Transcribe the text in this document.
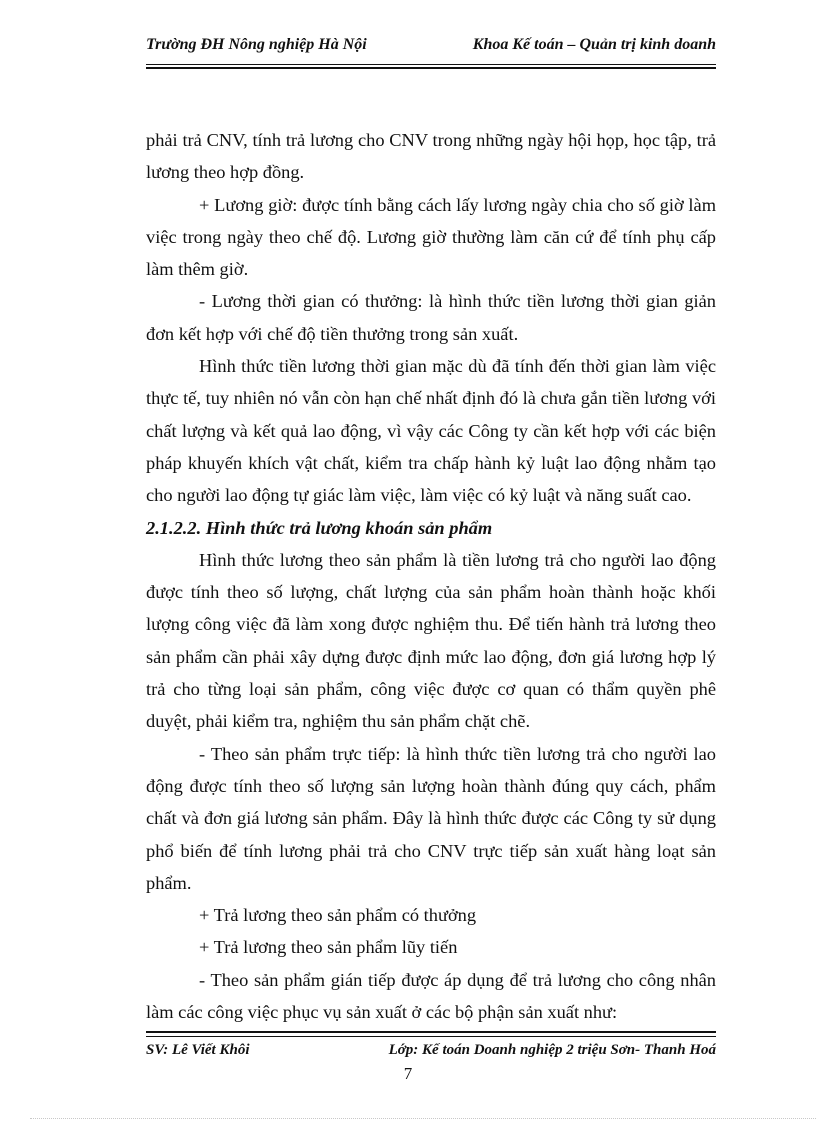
Trường ĐH Nông nghiệp Hà Nội	Khoa Kế toán – Quản trị kinh doanh

phải trả CNV, tính trả lương cho CNV trong những ngày hội họp, học tập, trả lương theo hợp đồng.

+ Lương giờ: được tính bằng cách lấy lương ngày chia cho số giờ làm việc trong ngày theo chế độ. Lương giờ thường làm căn cứ để tính phụ cấp làm thêm giờ.

- Lương thời gian có thưởng: là hình thức tiền lương thời gian giản đơn kết hợp với chế độ tiền thưởng trong sản xuất.

Hình thức tiền lương thời gian mặc dù đã tính đến thời gian làm việc thực tế, tuy nhiên nó vẫn còn hạn chế nhất định đó là chưa gắn tiền lương với chất lượng và kết quả lao động, vì vậy các Công ty cần kết hợp với các biện pháp khuyến khích vật chất, kiểm tra chấp hành kỷ luật lao động nhằm tạo cho người lao động tự giác làm việc, làm việc có kỷ luật và năng suất cao.

2.1.2.2. Hình thức trả lương khoán sản phẩm

Hình thức lương theo sản phẩm là tiền lương trả cho người lao động được tính theo số lượng, chất lượng của sản phẩm hoàn thành hoặc khối lượng công việc đã làm xong được nghiệm thu. Để tiến hành trả lương theo sản phẩm cần phải xây dựng được định mức lao động, đơn giá lương hợp lý trả cho từng loại sản phẩm, công việc được cơ quan có thẩm quyền phê duyệt, phải kiểm tra, nghiệm thu sản phẩm chặt chẽ.

- Theo sản phẩm trực tiếp: là hình thức tiền lương trả cho người lao động được tính theo số lượng sản lượng hoàn thành đúng quy cách, phẩm chất và đơn giá lương sản phẩm. Đây là hình thức được các Công ty sử dụng phổ biến để tính lương phải trả cho CNV trực tiếp sản xuất hàng loạt sản phẩm.

+ Trả lương theo sản phẩm có thưởng

+ Trả lương theo sản phẩm lũy tiến

- Theo sản phẩm gián tiếp được áp dụng để trả lương cho công nhân làm các công việc phục vụ sản xuất ở các bộ phận sản xuất như:

SV: Lê Viết Khôi	Lớp: Kế toán Doanh nghiệp 2 triệu Sơn- Thanh Hoá
7
